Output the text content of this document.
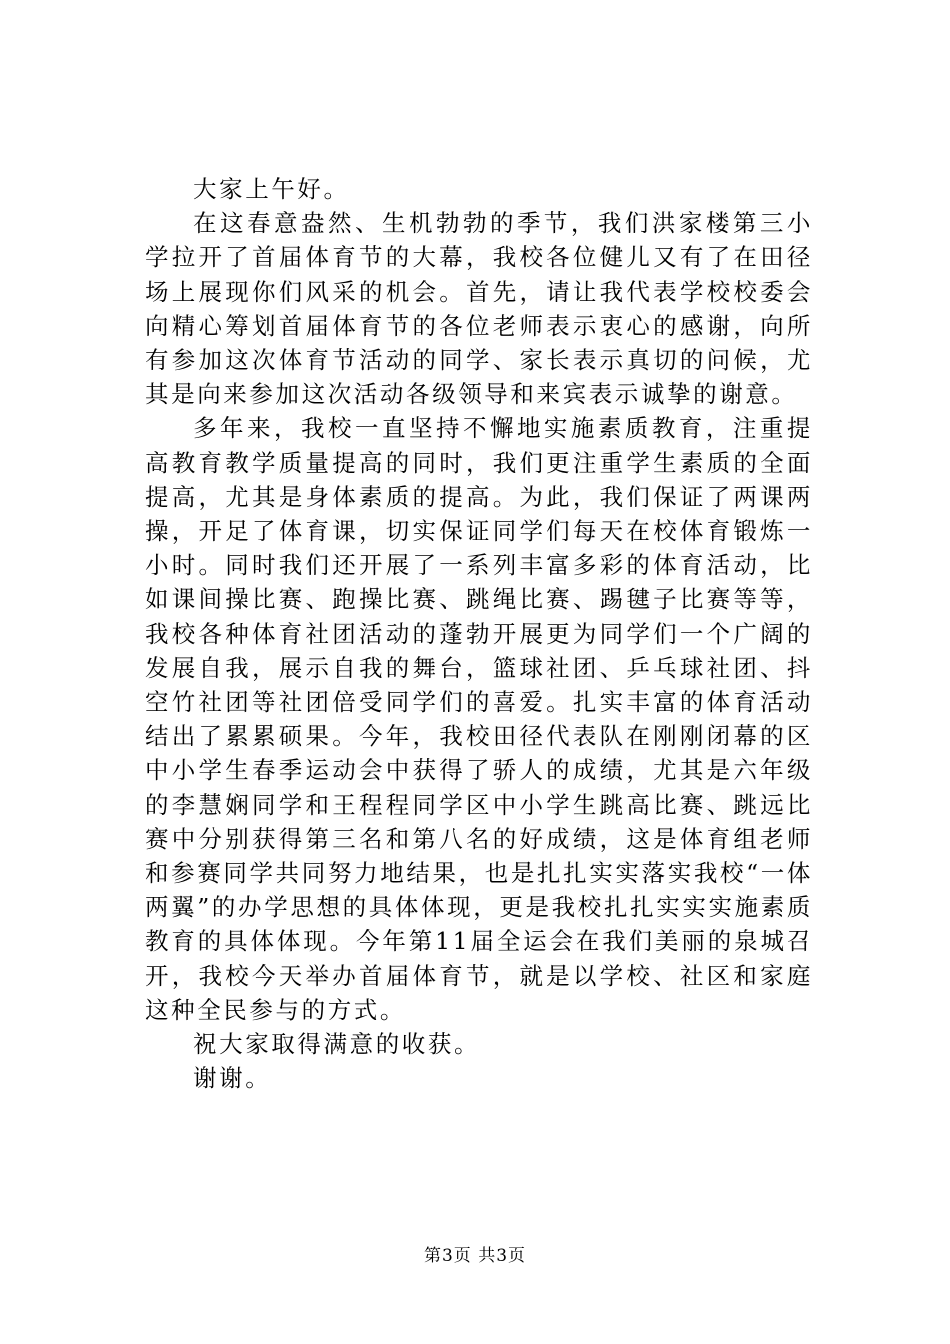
大家上午好。

在这春意盎然、生机勃勃的季节，我们洪家楼第三小学拉开了首届体育节的大幕，我校各位健儿又有了在田径场上展现你们风采的机会。首先，请让我代表学校校委会向精心筹划首届体育节的各位老师表示衷心的感谢，向所有参加这次体育节活动的同学、家长表示真切的问候，尤其是向来参加这次活动各级领导和来宾表示诚挚的谢意。

多年来，我校一直坚持不懈地实施素质教育，注重提高教育教学质量提高的同时，我们更注重学生素质的全面提高，尤其是身体素质的提高。为此，我们保证了两课两操，开足了体育课，切实保证同学们每天在校体育锻炼一小时。同时我们还开展了一系列丰富多彩的体育活动，比如课间操比赛、跑操比赛、跳绳比赛、踢毽子比赛等等，我校各种体育社团活动的蓬勃开展更为同学们一个广阔的发展自我，展示自我的舞台，篮球社团、乒乓球社团、抖空竹社团等社团倍受同学们的喜爱。扎实丰富的体育活动结出了累累硕果。今年，我校田径代表队在刚刚闭幕的区中小学生春季运动会中获得了骄人的成绩，尤其是六年级的李慧娴同学和王程程同学区中小学生跳高比赛、跳远比赛中分别获得第三名和第八名的好成绩，这是体育组老师和参赛同学共同努力地结果，也是扎扎实实落实我校“一体两翼”的办学思想的具体体现，更是我校扎扎实实实施素质教育的具体体现。今年第11届全运会在我们美丽的泉城召开，我校今天举办首届体育节，就是以学校、社区和家庭这种全民参与的方式。

祝大家取得满意的收获。

谢谢。

第3页 共3页
